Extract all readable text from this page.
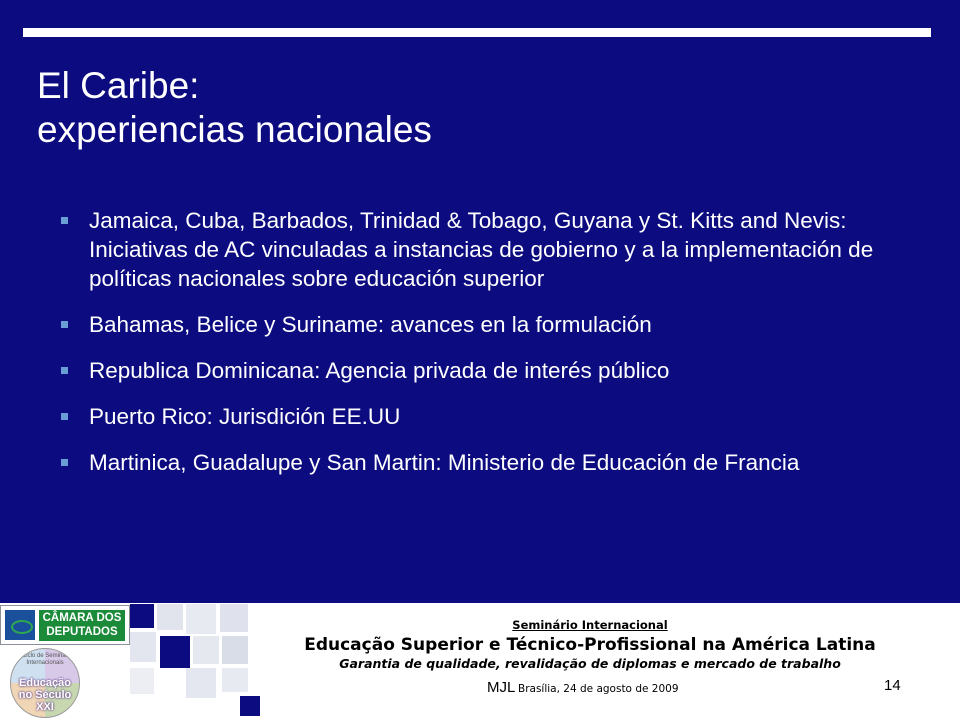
El Caribe:
experiencias nacionales
Jamaica, Cuba, Barbados, Trinidad & Tobago, Guyana y St. Kitts and Nevis: Iniciativas de AC vinculadas a instancias de gobierno y a la implementación de políticas nacionales sobre educación superior
Bahamas, Belice y Suriname: avances en la formulación
Republica Dominicana: Agencia privada de interés público
Puerto Rico: Jurisdición EE.UU
Martinica, Guadalupe y San Martin: Ministerio de Educación de Francia
CÂMARA DOS
DEPUTADOS
1º Ciclo de Seminários Internacionais
Educação
no Século XXI
Seminário Internacional
Educação Superior e Técnico-Profissional na América Latina
Garantia de qualidade, revalidação de diplomas e mercado de trabalho
MJL Brasília, 24 de agosto de 2009	14
